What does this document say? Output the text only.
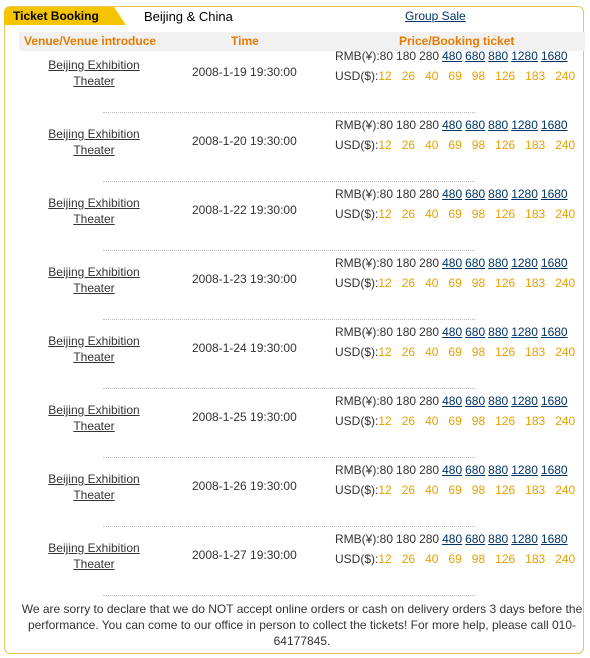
Venue/Venue introduce	Time	Price/Booking ticket
Beijing Exhibition
Theater
2008-1-19 19:30:00
RMB(¥):80 180 280 480 680 880 1280 1680
USD($):12 26 40 69 98 126 183 240
Beijing Exhibition
Theater
2008-1-20 19:30:00
RMB(¥):80 180 280 480 680 880 1280 1680
USD($):12 26 40 69 98 126 183 240
Beijing Exhibition
Theater
2008-1-22 19:30:00
RMB(¥):80 180 280 480 680 880 1280 1680
USD($):12 26 40 69 98 126 183 240
Beijing Exhibition
Theater
2008-1-23 19:30:00
RMB(¥):80 180 280 480 680 880 1280 1680
USD($):12 26 40 69 98 126 183 240
Beijing Exhibition
Theater
2008-1-24 19:30:00
RMB(¥):80 180 280 480 680 880 1280 1680
USD($):12 26 40 69 98 126 183 240
Beijing Exhibition
Theater
2008-1-25 19:30:00
RMB(¥):80 180 280 480 680 880 1280 1680
USD($):12 26 40 69 98 126 183 240
Beijing Exhibition
Theater
2008-1-26 19:30:00
RMB(¥):80 180 280 480 680 880 1280 1680
USD($):12 26 40 69 98 126 183 240
Beijing Exhibition
Theater
2008-1-27 19:30:00
RMB(¥):80 180 280 480 680 880 1280 1680
USD($):12 26 40 69 98 126 183 240
We are sorry to declare that we do NOT accept online orders or cash on delivery orders 3 days before the performance. You can come to our office in person to collect the tickets! For more help, please call 010-64177845.
Ticket Booking	Beijing & China	Group Sale
